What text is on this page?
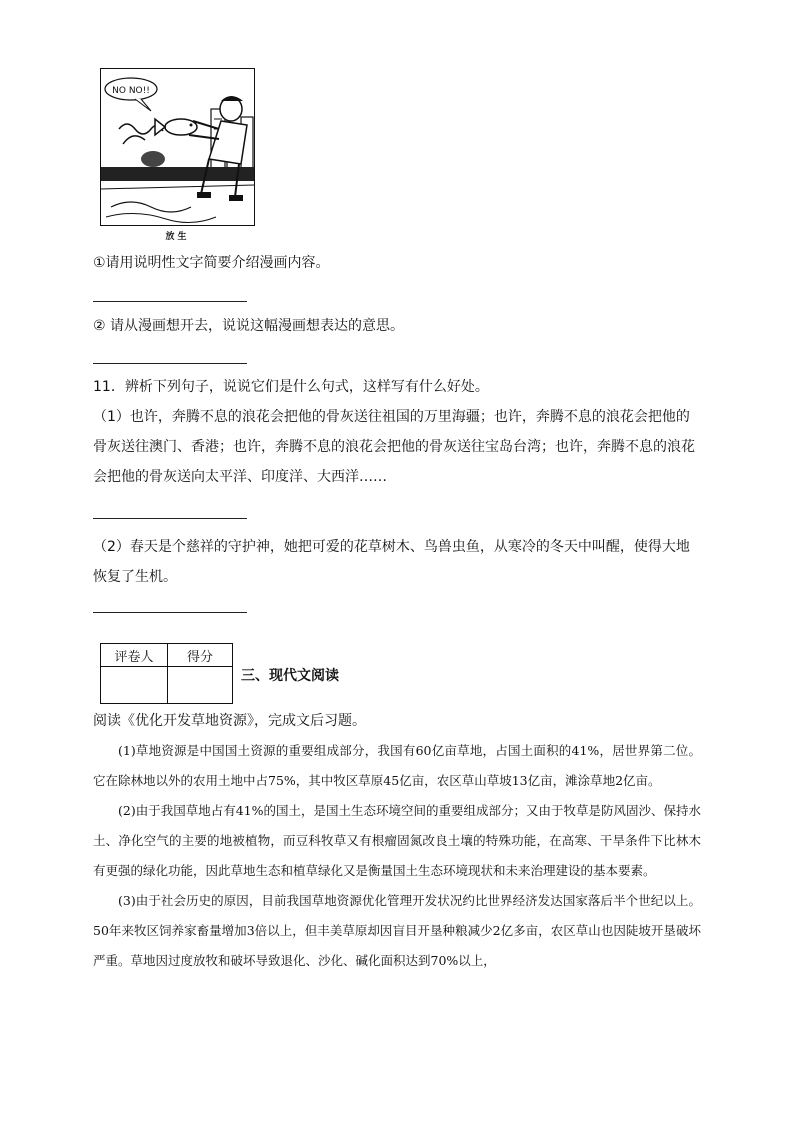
NO NO!!
放生
①请用说明性文字简要介绍漫画内容。
② 请从漫画想开去，说说这幅漫画想表达的意思。
11．辨析下列句子，说说它们是什么句式，这样写有什么好处。
（1）也许，奔腾不息的浪花会把他的骨灰送往祖国的万里海疆；也许，奔腾不息的浪花会把他的骨灰送往澳门、香港；也许，奔腾不息的浪花会把他的骨灰送往宝岛台湾；也许，奔腾不息的浪花会把他的骨灰送向太平洋、印度洋、大西洋……
（2）春天是个慈祥的守护神，她把可爱的花草树木、鸟兽虫鱼，从寒冷的冬天中叫醒，使得大地恢复了生机。
评卷人	得分

三、现代文阅读
阅读《优化开发草地资源》，完成文后习题。

(1)草地资源是中国国土资源的重要组成部分，我国有60亿亩草地，占国土面积的41%，居世界第二位。它在除林地以外的农用土地中占75%，其中牧区草原45亿亩，农区草山草坡13亿亩，滩涂草地2亿亩。

(2)由于我国草地占有41%的国土，是国土生态环境空间的重要组成部分；又由于牧草是防风固沙、保持水土、净化空气的主要的地被植物，而豆科牧草又有根瘤固氮改良土壤的特殊功能，在高寒、干旱条件下比林木有更强的绿化功能，因此草地生态和植草绿化又是衡量国土生态环境现状和未来治理建设的基本要素。

(3)由于社会历史的原因，目前我国草地资源优化管理开发状况约比世界经济发达国家落后半个世纪以上。50年来牧区饲养家畜量增加3倍以上，但丰美草原却因盲目开垦种粮减少2亿多亩，农区草山也因陡坡开垦破坏严重。草地因过度放牧和破坏导致退化、沙化、碱化面积达到70%以上，
